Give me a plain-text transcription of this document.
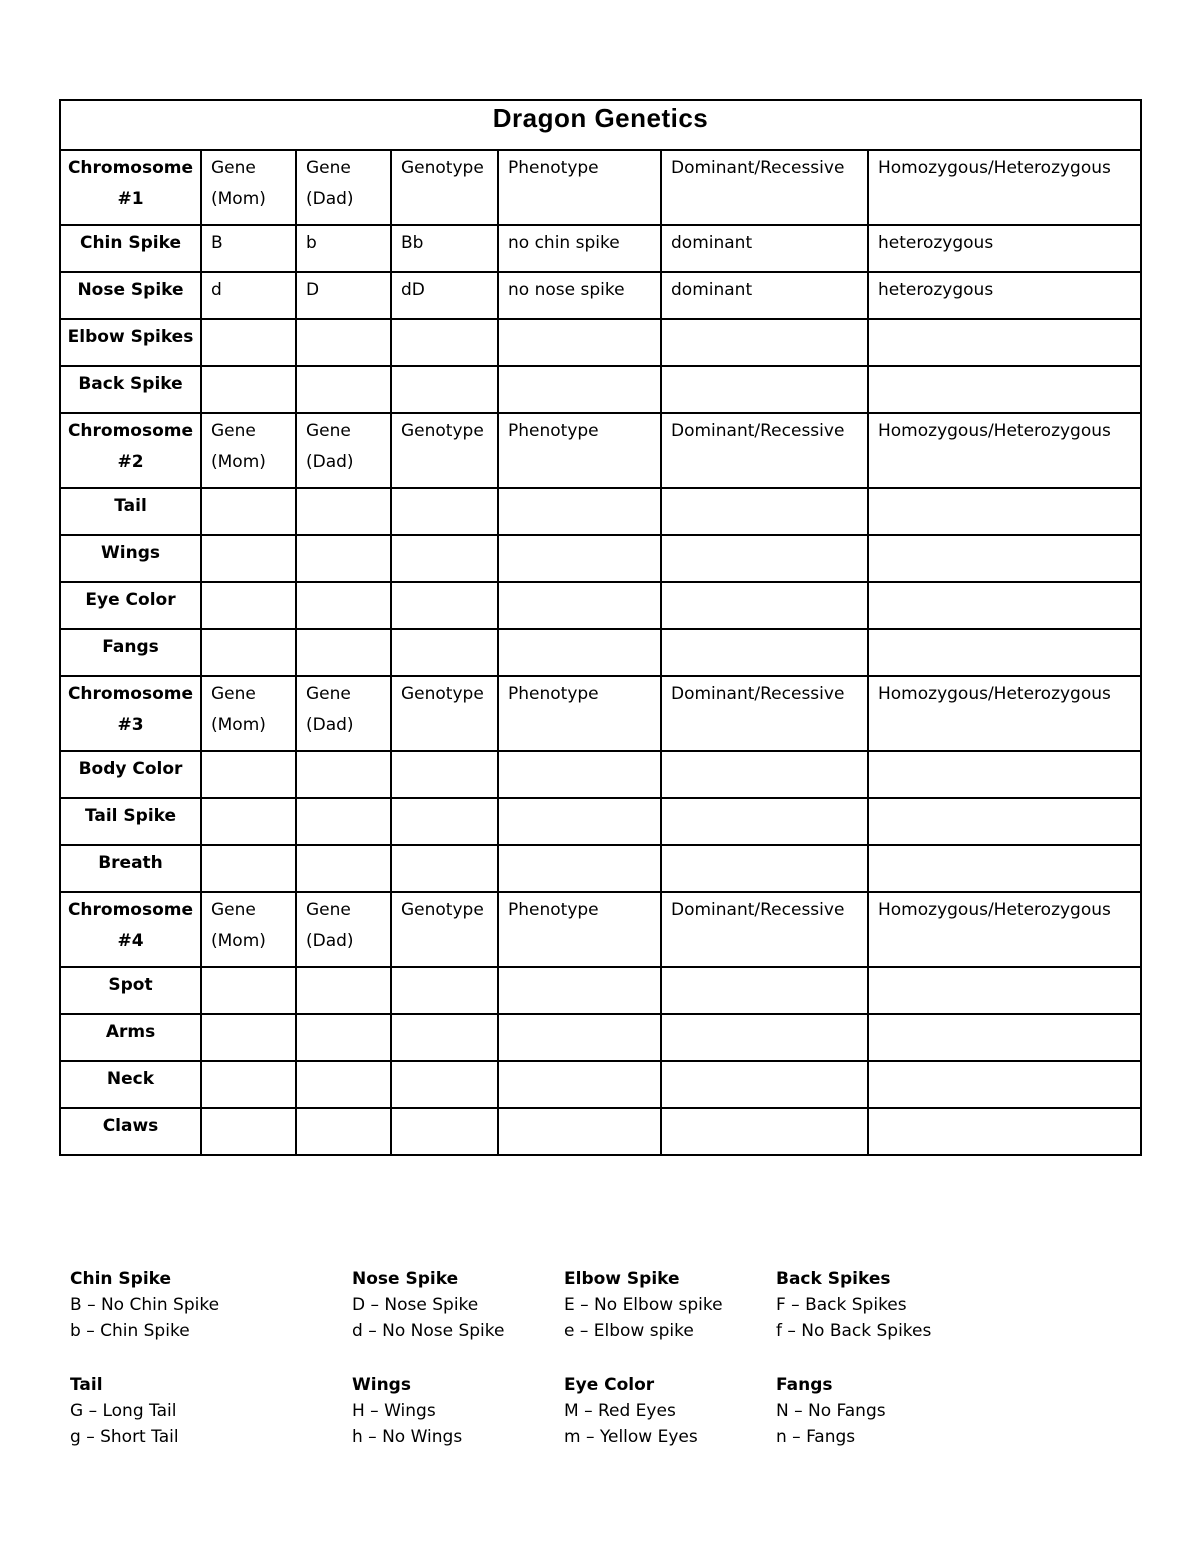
Dragon Genetics						
Chromosome #1	Gene (Mom)	Gene (Dad)	Genotype	Phenotype	Dominant/Recessive	Homozygous/Heterozygous
Chin Spike	B	b	Bb	no chin spike	dominant	heterozygous
Nose Spike	d	D	dD	no nose spike	dominant	heterozygous
Elbow Spikes						
Back Spike						
Chromosome #2	Gene (Mom)	Gene (Dad)	Genotype	Phenotype	Dominant/Recessive	Homozygous/Heterozygous
Tail						
Wings						
Eye Color						
Fangs						
Chromosome #3	Gene (Mom)	Gene (Dad)	Genotype	Phenotype	Dominant/Recessive	Homozygous/Heterozygous
Body Color						
Tail Spike						
Breath						
Chromosome #4	Gene (Mom)	Gene (Dad)	Genotype	Phenotype	Dominant/Recessive	Homozygous/Heterozygous
Spot						
Arms						
Neck						
Claws						
Chin Spike
B – No Chin Spike
b – Chin Spike
Nose Spike
D – Nose Spike
d – No Nose Spike
Elbow Spike
E – No Elbow spike
e – Elbow spike
Back Spikes
F – Back Spikes
f – No Back Spikes
Tail
G – Long Tail
g – Short Tail
Wings
H – Wings
h – No Wings
Eye Color
M – Red Eyes
m – Yellow Eyes
Fangs
N – No Fangs
n – Fangs
